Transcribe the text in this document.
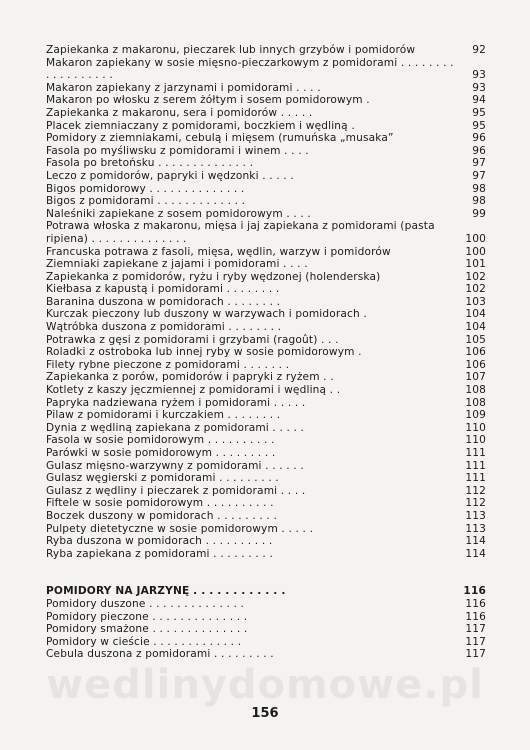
wedlinydomowe.pl
Zapiekanka z makaronu, pieczarek lub innych grzybów i pomidorów	92
Makaron zapiekany w sosie mięsno-pieczarkowym z pomidorami . . . . . . . . . . . . . . . . . .	93
Makaron zapiekany z jarzynami i pomidorami . . . .	93
Makaron po włosku z serem żółtym i sosem pomidorowym .	94
Zapiekanka z makaronu, sera i pomidorów . . . . .	95
Placek ziemniaczany z pomidorami, boczkiem i wędliną .	95
Pomidory z ziemniakami, cebulą i mięsem (rumuńska „musaka”	96
Fasola po myśliwsku z pomidorami i winem . . . .	96
Fasola po bretońsku . . . . . . . . . . . . . .	97
Leczo z pomidorów, papryki i wędzonki . . . . .	97
Bigos pomidorowy . . . . . . . . . . . . . .	98
Bigos z pomidorami . . . . . . . . . . . . .	98
Naleśniki zapiekane z sosem pomidorowym . . . .	99
Potrawa włoska z makaronu, mięsa i jaj zapiekana z pomidorami (pasta ripiena) . . . . . . . . . . . . . .	100
Francuska potrawa z fasoli, mięsa, wędlin, warzyw i pomidorów	100
Ziemniaki zapiekane z jajami i pomidorami . . . .	101
Zapiekanka z pomidorów, ryżu i ryby wędzonej (holenderska)	102
Kiełbasa z kapustą i pomidorami . . . . . . . .	102
Baranina duszona w pomidorach . . . . . . . .	103
Kurczak pieczony lub duszony w warzywach i pomidorach .	104
Wątróbka duszona z pomidorami . . . . . . . .	104
Potrawka z gęsi z pomidorami i grzybami (ragoût) . . .	105
Roladki z ostroboka lub innej ryby w sosie pomidorowym .	106
Filety rybne pieczone z pomidorami . . . . . . .	106
Zapiekanka z porów, pomidorów i papryki z ryżem . .	107
Kotlety z kaszy jęczmiennej z pomidorami i wędliną . .	108
Papryka nadziewana ryżem i pomidorami . . . . .	108
Pilaw z pomidorami i kurczakiem . . . . . . . .	109
Dynia z wędliną zapiekana z pomidorami . . . . .	110
Fasola w sosie pomidorowym . . . . . . . . . .	110
Parówki w sosie pomidorowym . . . . . . . . .	111
Gulasz mięsno-warzywny z pomidorami . . . . . .	111
Gulasz węgierski z pomidorami . . . . . . . . .	111
Gulasz z wędliny i pieczarek z pomidorami . . . .	112
Fiftele w sosie pomidorowym . . . . . . . . . .	112
Boczek duszony w pomidorach . . . . . . . . .	113
Pulpety dietetyczne w sosie pomidorowym . . . . .	113
Ryba duszona w pomidorach . . . . . . . . . .	114
Ryba zapiekana z pomidorami . . . . . . . . .	114
POMIDORY NA JARZYNĘ . . . . . . . . . . . .	116
Pomidory duszone . . . . . . . . . . . . . .	116
Pomidory pieczone . . . . . . . . . . . . . .	116
Pomidory smażone . . . . . . . . . . . . . .	117
Pomidory w cieście . . . . . . . . . . . . .	117
Cebula duszona z pomidorami . . . . . . . . .	117
156
